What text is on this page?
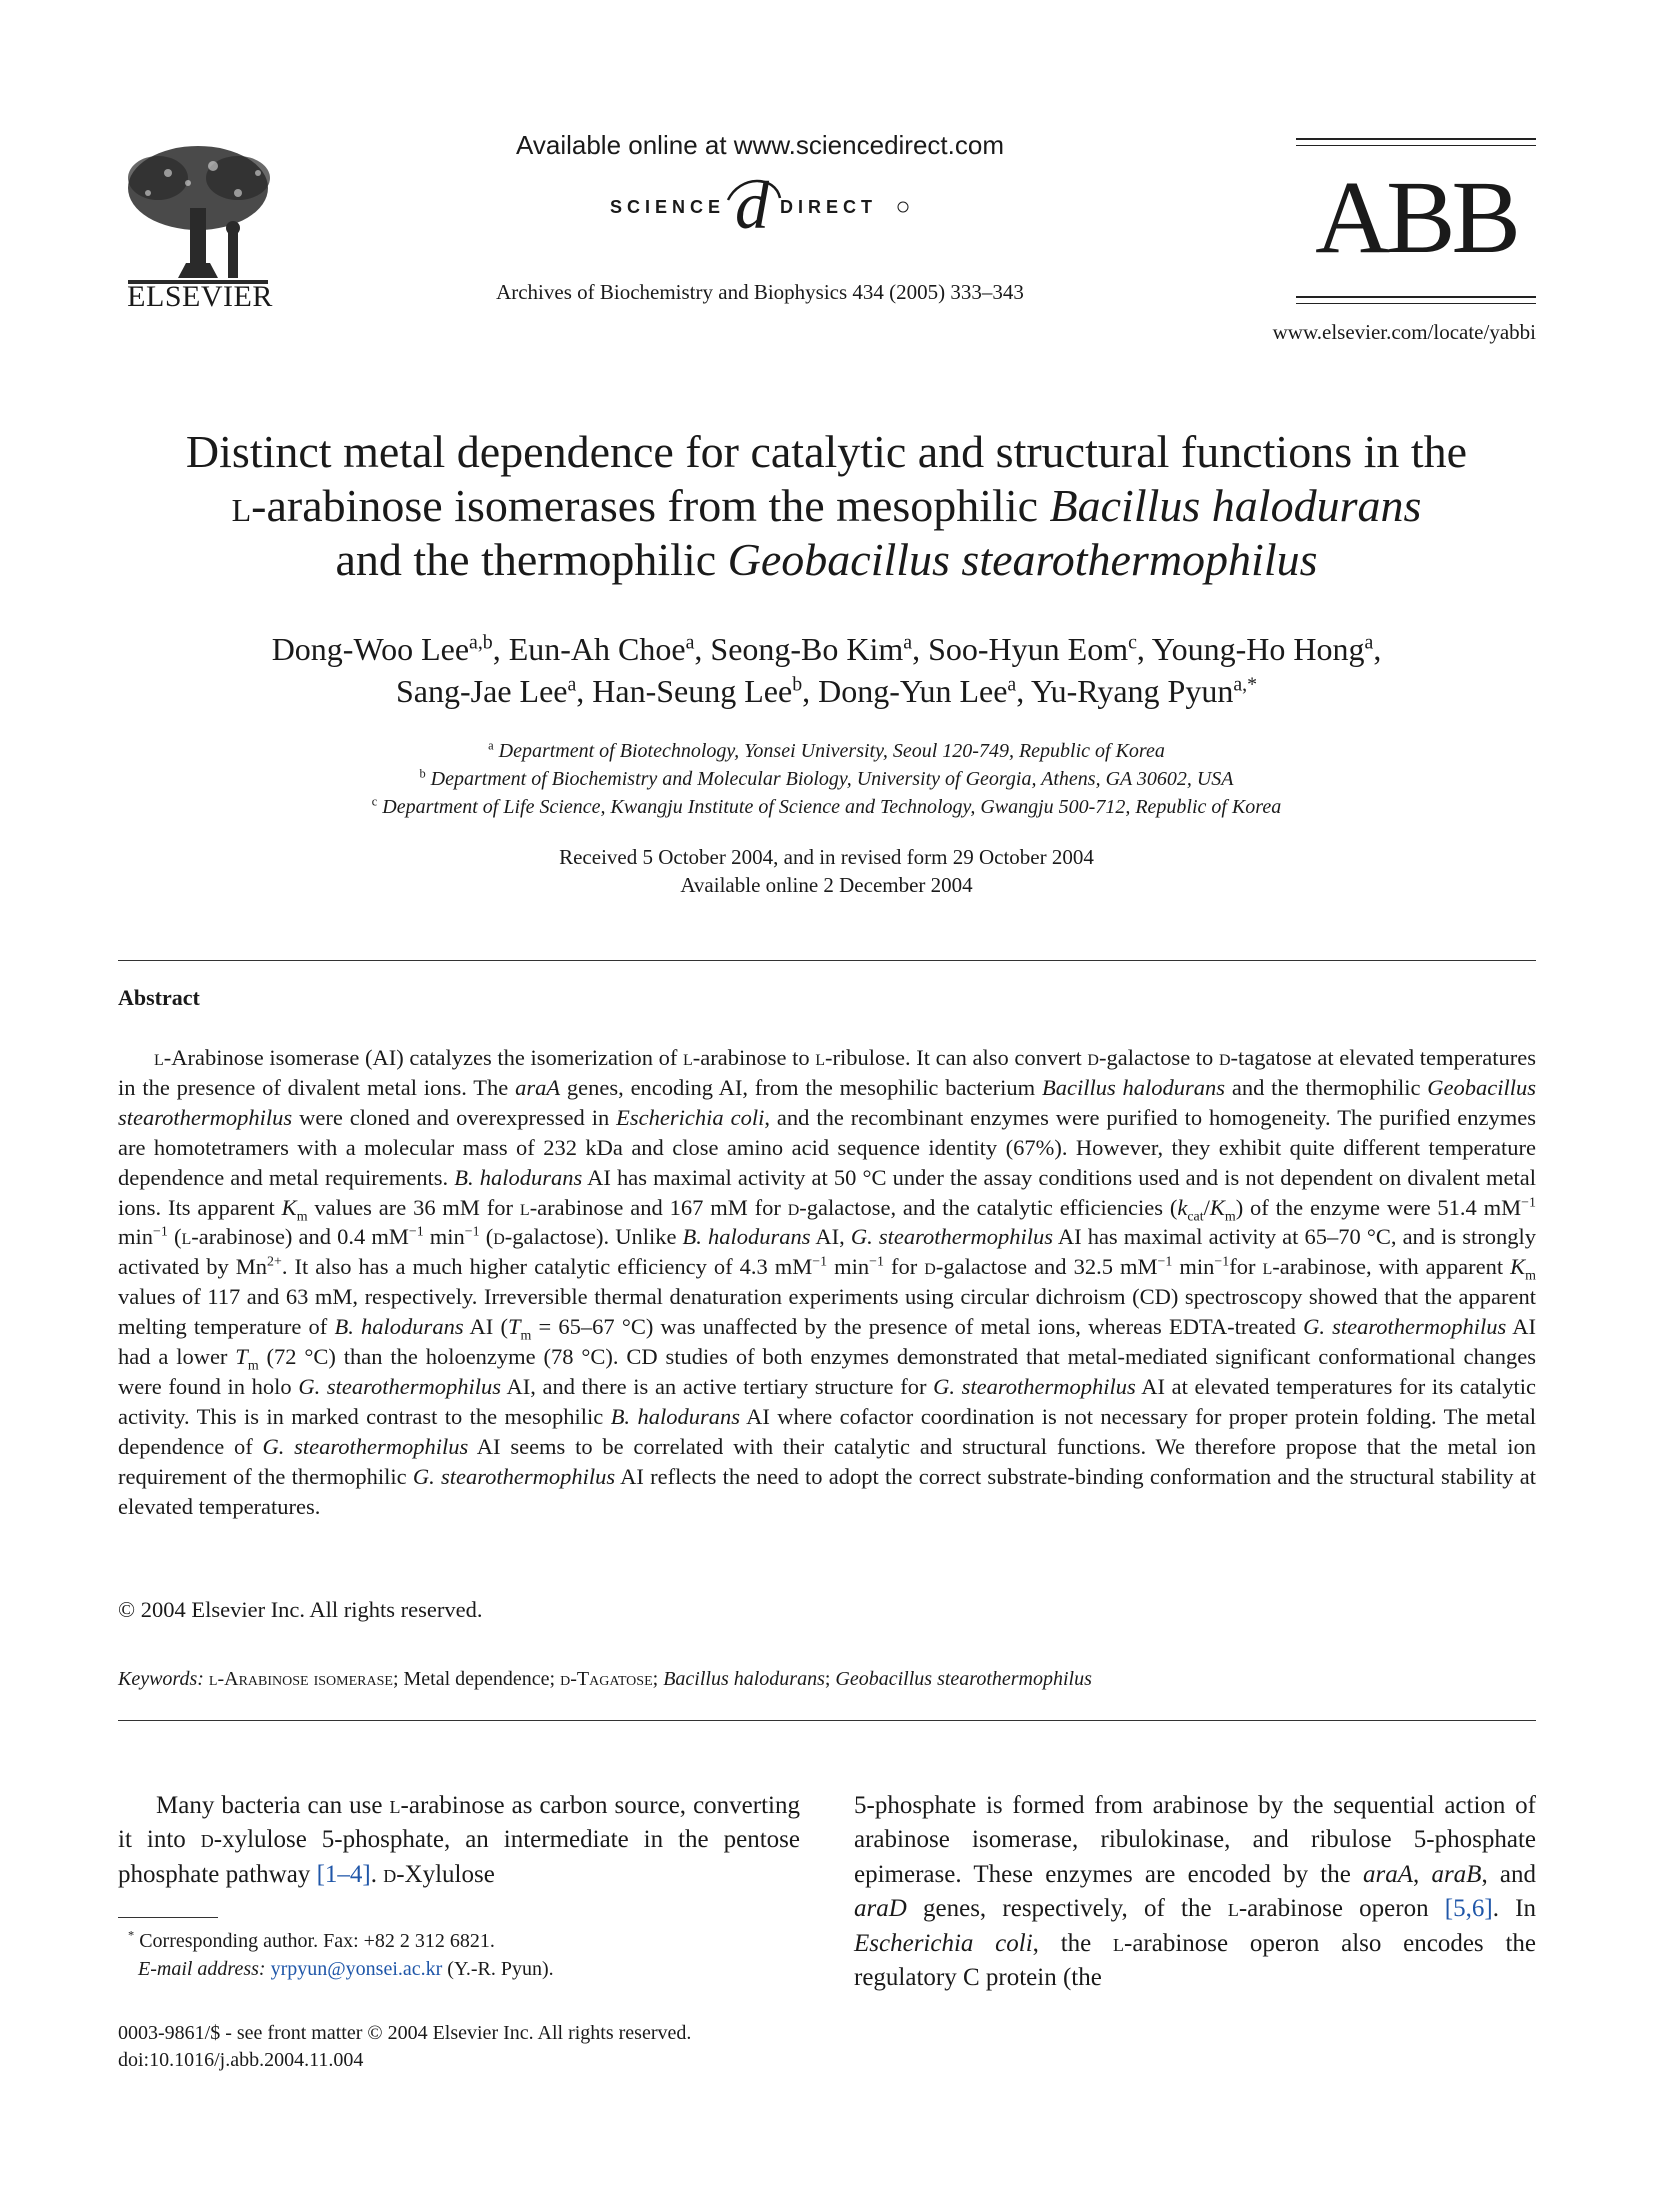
ELSEVIER
Available online at www.sciencedirect.com
SCIENCE d DIRECT
Archives of Biochemistry and Biophysics 434 (2005) 333–343
ABB
www.elsevier.com/locate/yabbi
Distinct metal dependence for catalytic and structural functions in the
l-arabinose isomerases from the mesophilic Bacillus halodurans
and the thermophilic Geobacillus stearothermophilus
Dong-Woo Lee$^{a,b}$, Eun-Ah Choe$^a$, Seong-Bo Kim$^a$, Soo-Hyun Eom$^c$, Young-Ho Hong$^a$,
Sang-Jae Lee$^a$, Han-Seung Lee$^b$, Dong-Yun Lee$^a$, Yu-Ryang Pyun$^{a,*}$
$^a$ Department of Biotechnology, Yonsei University, Seoul 120-749, Republic of Korea
$^b$ Department of Biochemistry and Molecular Biology, University of Georgia, Athens, GA 30602, USA
$^c$ Department of Life Science, Kwangju Institute of Science and Technology, Gwangju 500-712, Republic of Korea
Received 5 October 2004, and in revised form 29 October 2004
Available online 2 December 2004
Abstract

l-Arabinose isomerase (AI) catalyzes the isomerization of l-arabinose to l-ribulose. It can also convert d-galactose to d-tagatose at elevated temperatures in the presence of divalent metal ions. The araA genes, encoding AI, from the mesophilic bacterium Bacillus halodurans and the thermophilic Geobacillus stearothermophilus were cloned and overexpressed in Escherichia coli, and the recombinant enzymes were purified to homogeneity. The purified enzymes are homotetramers with a molecular mass of 232 kDa and close amino acid sequence identity (67%). However, they exhibit quite different temperature dependence and metal requirements. B. halodurans AI has maximal activity at 50 °C under the assay conditions used and is not dependent on divalent metal ions. Its apparent $K_m$ values are 36 mM for l-arabinose and 167 mM for d-galactose, and the catalytic efficiencies $(k_{cat}/K_m)$ of the enzyme were 51.4 $mM^{-1}$ $\min^{-1}$ (l-arabinose) and 0.4 $mM^{-1}$ $\min^{-1}$ (d-galactose). Unlike B. halodurans AI, G. stearothermophilus AI has maximal activity at 65–70 °C, and is strongly activated by $Mn^{2+}$. It also has a much higher catalytic efficiency of 4.3 $mM^{-1}$ $\min^{-1}$ for d-galactose and 32.5 $mM^{-1}$ $\min^{-1}for$ l-arabinose, with apparent $K_m$ values of 117 and 63 mM, respectively. Irreversible thermal denaturation experiments using circular dichroism (CD) spectroscopy showed that the apparent melting temperature of B. halodurans AI ($T_m = 65-67$ °C) was unaffected by the presence of metal ions, whereas EDTA-treated G. stearothermophilus AI had a lower $T_m$ (72 °C) than the holoenzyme (78 °C). CD studies of both enzymes demonstrated that metal-mediated significant conformational changes were found in holo G. stearothermophilus AI, and there is an active tertiary structure for G. stearothermophilus AI at elevated temperatures for its catalytic activity. This is in marked contrast to the mesophilic B. halodurans AI where cofactor coordination is not necessary for proper protein folding. The metal dependence of G. stearothermophilus AI seems to be correlated with their catalytic and structural functions. We therefore propose that the metal ion requirement of the thermophilic G. stearothermophilus AI reflects the need to adopt the correct substrate-binding conformation and the structural stability at elevated temperatures.

© 2004 Elsevier Inc. All rights reserved.
Keywords: l-Arabinose isomerase; Metal dependence; d-Tagatose; Bacillus halodurans; Geobacillus stearothermophilus

Many bacteria can use l-arabinose as carbon source, converting it into d-xylulose 5-phosphate, an intermediate in the pentose phosphate pathway [1–4]. d-Xylulose

5-phosphate is formed from arabinose by the sequential action of arabinose isomerase, ribulokinase, and ribulose 5-phosphate epimerase. These enzymes are encoded by the araA, araB, and araD genes, respectively, of the l-arabinose operon [5,6]. In Escherichia coli, the l-arabinose operon also encodes the regulatory C protein (the

* Corresponding author. Fax: +82 2 312 6821.
E-mail address: yrpyun@yonsei.ac.kr (Y.-R. Pyun).
0003-9861/$ - see front matter © 2004 Elsevier Inc. All rights reserved.
doi:10.1016/j.abb.2004.11.004
